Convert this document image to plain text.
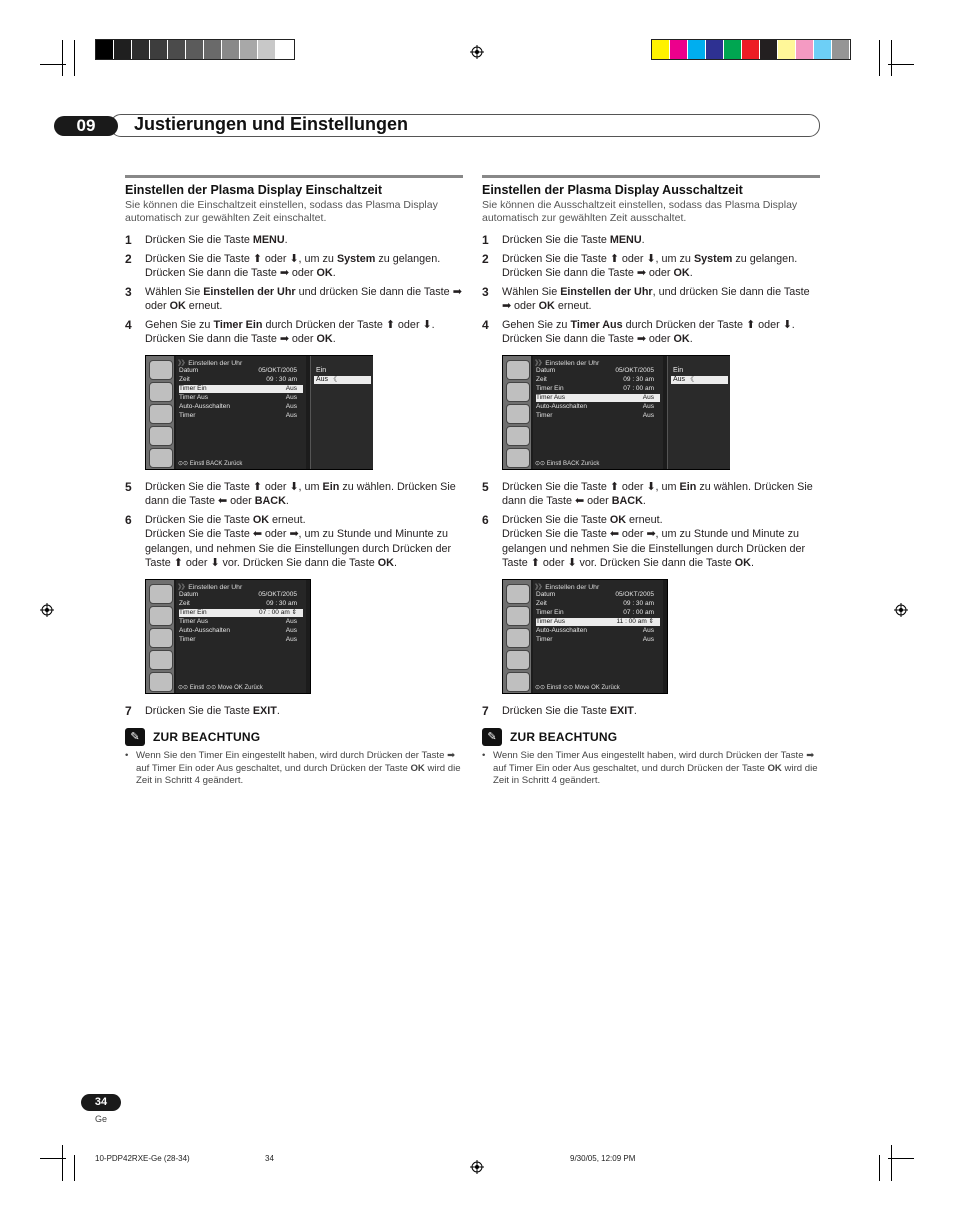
09	Justierungen und Einstellungen
Einstellen der Plasma Display Einschaltzeit

Sie können die Einschaltzeit einstellen, sodass das Plasma Display automatisch zur gewählten Zeit einschaltet.

1 Drücken Sie die Taste MENU.
2 Drücken Sie die Taste ⬆ oder ⬇, um zu System zu gelangen. Drücken Sie dann die Taste ➡ oder OK.
3 Wählen Sie Einstellen der Uhr und drücken Sie dann die Taste ➡ oder OK erneut.
4 Gehen Sie zu Timer Ein durch Drücken der Taste ⬆ oder ⬇. Drücken Sie dann die Taste ➡ oder OK.
》》Einstellen der Uhr
Datum	05/OKT/2005
Zeit	09 : 30 am
Timer Ein	Aus
Timer Aus	Aus
Auto-Ausschalten	Aus
Timer	Aus
⊙⊙ Einstl BACK Zurück
Ein
Aus 《
5 Drücken Sie die Taste ⬆ oder ⬇, um Ein zu wählen. Drücken Sie dann die Taste ⬅ oder BACK.
6 Drücken Sie die Taste OK erneut.
Drücken Sie die Taste ⬅ oder ➡, um zu Stunde und Minunte zu gelangen, und nehmen Sie die Einstellungen durch Drücken der Taste ⬆ oder ⬇ vor. Drücken Sie dann die Taste OK.
》》Einstellen der Uhr
Datum	05/OKT/2005
Zeit	09 : 30 am
Timer Ein	07 : 00 am ⇕
Timer Aus	Aus
Auto-Ausschalten	Aus
Timer	Aus
⊙⊙ Einstl ⊙⊙ Move OK Zurück
7 Drücken Sie die Taste EXIT.
✎	ZUR BEACHTUNG
• Wenn Sie den Timer Ein eingestellt haben, wird durch Drücken der Taste ➡ auf Timer Ein oder Aus geschaltet, und durch Drücken der Taste OK wird die Zeit in Schritt 4 geändert.
Einstellen der Plasma Display Ausschaltzeit

Sie können die Ausschaltzeit einstellen, sodass das Plasma Display automatisch zur gewählten Zeit ausschaltet.

1 Drücken Sie die Taste MENU.
2 Drücken Sie die Taste ⬆ oder ⬇, um zu System zu gelangen. Drücken Sie dann die Taste ➡ oder OK.
3 Wählen Sie Einstellen der Uhr, und drücken Sie dann die Taste ➡ oder OK erneut.
4 Gehen Sie zu Timer Aus durch Drücken der Taste ⬆ oder ⬇. Drücken Sie dann die Taste ➡ oder OK.
》》Einstellen der Uhr
Datum	05/OKT/2005
Zeit	09 : 30 am
Timer Ein	07 : 00 am
Timer Aus	Aus
Auto-Ausschalten	Aus
Timer	Aus
⊙⊙ Einstl BACK Zurück
Ein
Aus 《
5 Drücken Sie die Taste ⬆ oder ⬇, um Ein zu wählen. Drücken Sie dann die Taste ⬅ oder BACK.
6 Drücken Sie die Taste OK erneut.
Drücken Sie die Taste ⬅ oder ➡, um zu Stunde und Minute zu gelangen und nehmen Sie die Einstellungen durch Drücken der Taste ⬆ oder ⬇ vor. Drücken Sie dann die Taste OK.
》》Einstellen der Uhr
Datum	05/OKT/2005
Zeit	09 : 30 am
Timer Ein	07 : 00 am
Timer Aus	11 : 00 am ⇕
Auto-Ausschalten	Aus
Timer	Aus
⊙⊙ Einstl ⊙⊙ Move OK Zurück
7 Drücken Sie die Taste EXIT.
✎	ZUR BEACHTUNG
• Wenn Sie den Timer Aus eingestellt haben, wird durch Drücken der Taste ➡ auf Timer Ein oder Aus geschaltet, und durch Drücken der Taste OK wird die Zeit in Schritt 4 geändert.
34
Ge
10-PDP42RXE-Ge (28-34)	34	9/30/05, 12:09 PM
